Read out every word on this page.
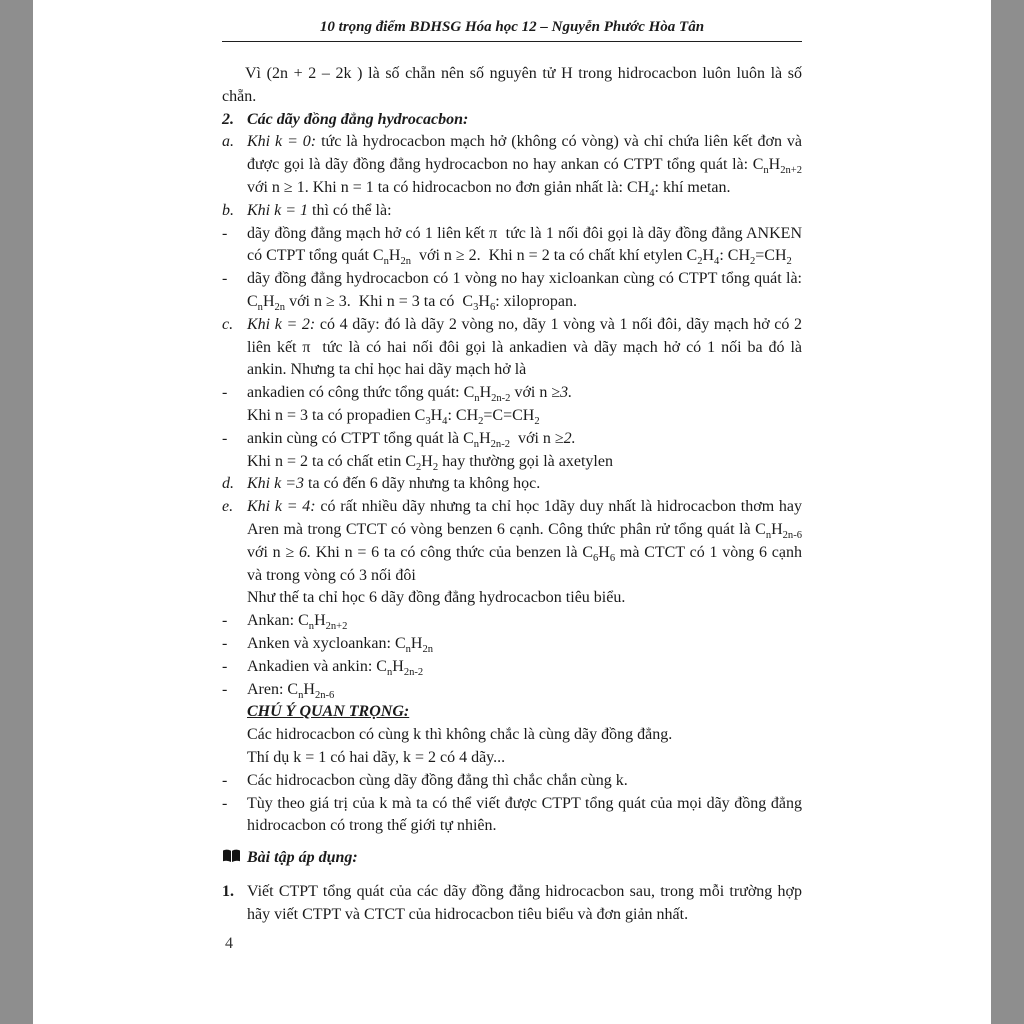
10 trọng điểm BDHSG Hóa học 12 – Nguyễn Phước Hòa Tân
Vì (2n + 2 – 2k ) là số chẵn nên số nguyên tử H trong hidrocacbon luôn luôn là số chẵn.
2. Các dãy đồng đẳng hydrocacbon:
a. Khi k = 0: tức là hydrocacbon mạch hở (không có vòng) và chỉ chứa liên kết đơn và được gọi là dãy đồng đẳng hydrocacbon no hay ankan có CTPT tổng quát là: $C_nH_{2n+2}$ với n ≥ 1. Khi n = 1 ta có hidrocacbon no đơn giản nhất là: $CH_4$: khí metan.
b. Khi k = 1 thì có thể là:
- dãy đồng đẳng mạch hở có 1 liên kết π  tức là 1 nối đôi gọi là dãy đồng đẳng ANKEN có CTPT tổng quát $C_nH_{2n}$  với n ≥ 2.  Khi n = 2 ta có chất khí etylen $C_2H_4$: $CH_2=CH_2$
- dãy đồng đẳng hydrocacbon có 1 vòng no hay xicloankan cùng có CTPT tổng quát là: $C_nH_{2n}$ với n ≥ 3.  Khi n = 3 ta có  $C_3H_6$: xilopropan.
c. Khi k = 2: có 4 dãy: đó là dãy 2 vòng no, dãy 1 vòng và 1 nối đôi, dãy mạch hở có 2 liên kết π  tức là có hai nối đôi gọi là ankadien và dãy mạch hở có 1 nối ba đó là ankin. Nhưng ta chỉ học hai dãy mạch hở là
- ankadien có công thức tổng quát: $C_nH_{2n-2}$ với n ≥3.
Khi n = 3 ta có propadien $C_3H_4$: $CH_2=C=CH_2$
- ankin cùng có CTPT tổng quát là $C_nH_{2n-2}$  với n ≥2.
Khi n = 2 ta có chất etin $C_2H_2$ hay thường gọi là axetylen
d. Khi k =3 ta có đến 6 dãy nhưng ta không học.
e. Khi k = 4: có rất nhiều dãy nhưng ta chỉ học 1dãy duy nhất là hidrocacbon thơm hay Aren mà trong CTCT có vòng benzen 6 cạnh. Công thức phân rử tổng quát là $C_nH_{2n-6}$ với n ≥ 6. Khi n = 6 ta có công thức của benzen là $C_6H_6$ mà CTCT có 1 vòng 6 cạnh và trong vòng có 3 nối đôi
Như thế ta chỉ học 6 dãy đồng đẳng hydrocacbon tiêu biểu.
- Ankan: $C_nH_{2n+2}$
- Anken và xycloankan: $C_nH_{2n}$
- Ankadien và ankin: $C_nH_{2n-2}$
- Aren: $C_nH_{2n-6}$
CHÚ Ý QUAN TRỌNG:
Các hidrocacbon có cùng k thì không chắc là cùng dãy đồng đẳng.
Thí dụ k = 1 có hai dãy, k = 2 có 4 dãy...
- Các hidrocacbon cùng dãy đồng đẳng thì chắc chắn cùng k.
- Tùy theo giá trị của k mà ta có thể viết được CTPT tổng quát của mọi dãy đồng đẳng hidrocacbon có trong thế giới tự nhiên.
Bài tập áp dụng:
1. Viết CTPT tổng quát của các dãy đồng đẳng hidrocacbon sau, trong mỗi trường hợp hãy viết CTPT và CTCT của hidrocacbon tiêu biểu và đơn giản nhất.
4
